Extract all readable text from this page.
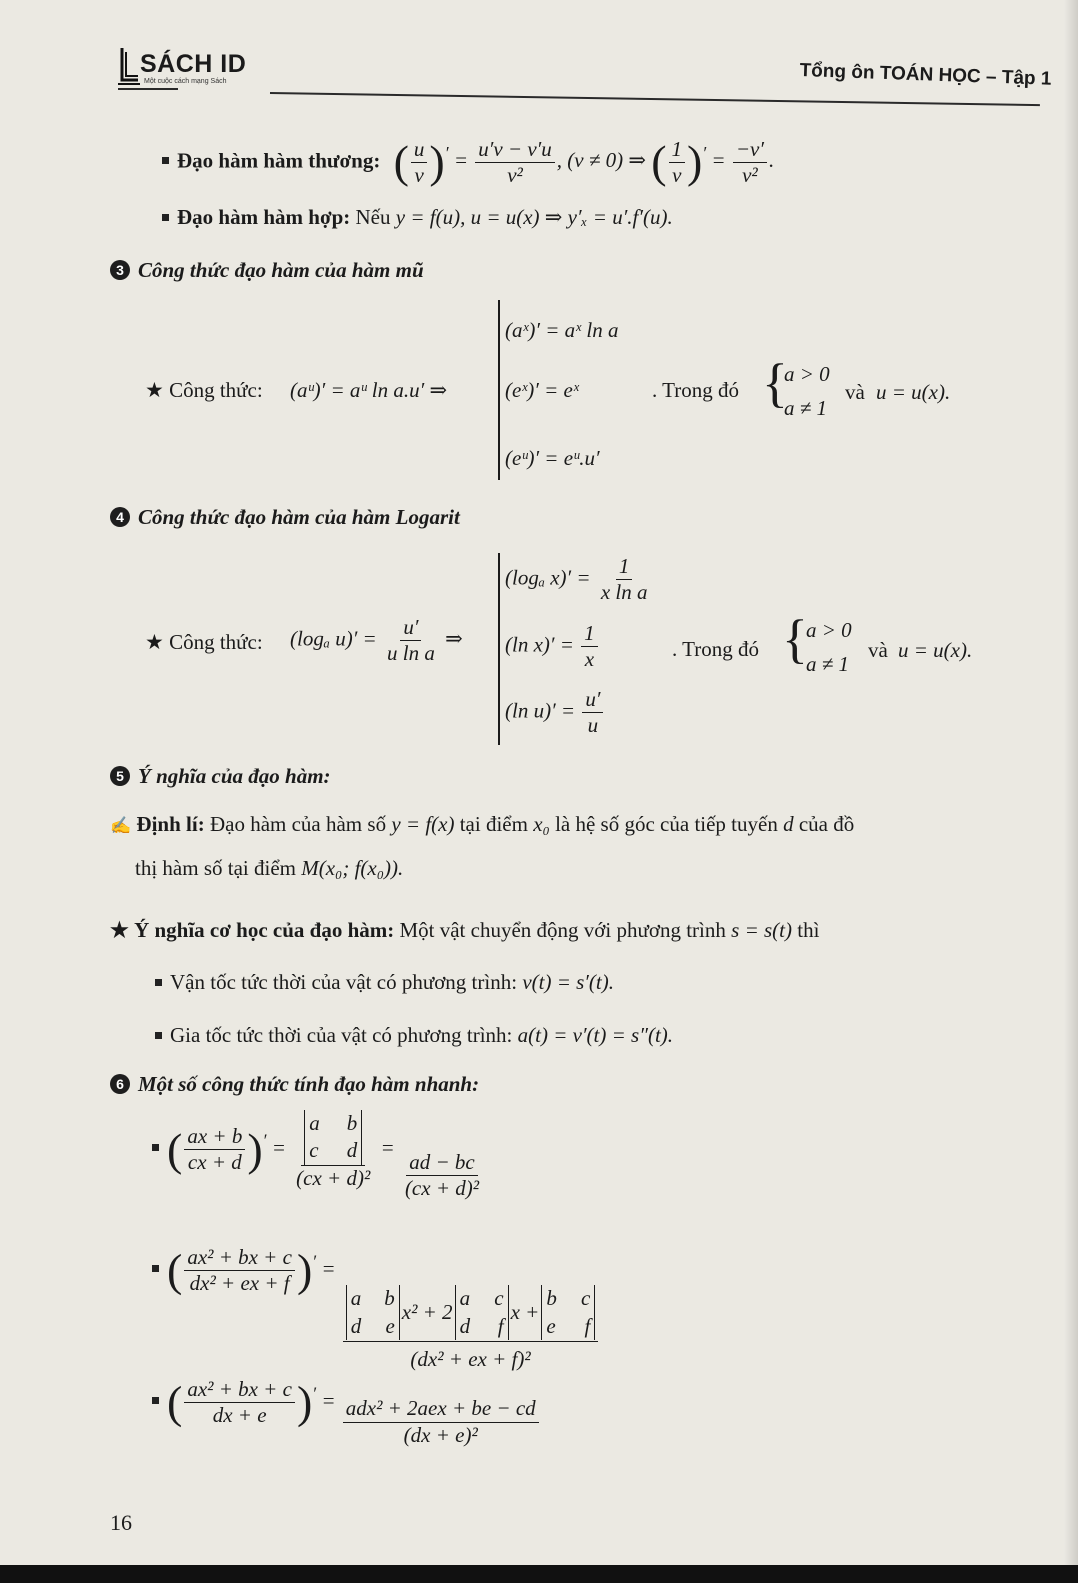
SÁCH ID
Một cuộc cách mạng Sách	Tổng ôn TOÁN HỌC – Tập 1
Đạo hàm hàm thương: ( $\frac{u}{v} )' = \frac{u'v - v'u}{\text{v²}}$ , (v ≠ 0) ⇒ ( $\frac{1}{v} )' = \frac{-v'}{\text{v²}}$ .
Đạo hàm hàm hợp: Nếu y = f(u), u = u(x) ⇒ y′ₓ = u′.f′(u).
3 Công thức đạo hàm của hàm mũ
★ Công thức: (aᵘ)′ = aᵘ ln a.u′ ⇒
(aˣ)′ = aˣ ln a
(eˣ)′ = eˣ
(eᵘ)′ = eᵘ.u′
. Trong đó {
a > 0
a ≠ 1
và u = u(x).
4 Công thức đạo hàm của hàm Logarit
★ Công thức: (logₐ $u)' = \frac{u'}{\text{u ln a}}$ ⇒
(logₐ $x)' = \frac{1}{\text{x ln a}}$
(ln $x)' = \frac{1}{x}$
(ln $u)' = \frac{u'}{u}$
. Trong đó {
a > 0
a ≠ 1
và u = u(x).
5 Ý nghĩa của đạo hàm:
✍ Định lí: Đạo hàm của hàm số y = f(x) tại điểm x₀ là hệ số góc của tiếp tuyến d của đồ
thị hàm số tại điểm M(x₀; f(x₀)).
★ Ý nghĩa cơ học của đạo hàm: Một vật chuyển động với phương trình s = s(t) thì
Vận tốc tức thời của vật có phương trình: v(t) = s′(t).
Gia tốc tức thời của vật có phương trình: a(t) = v′(t) = s″(t).
6 Một số công thức tính đạo hàm nhanh:
( $\frac{ax + b}{cx + d} )' = a$	b
c	d
(cx + d)² =
$\frac{ad - bc}{\text{(cx + d)²}}$
( $\frac{\text{ax² + bx + c}}{\text{dx² + ex + f}} )'$ =
a	b
d	e
x² + 2
a	c
d	f
x +
b	c
e	f
(dx² + ex + f)²
( $\frac{\text{ax² + bx + c}}{dx + e} )' = \frac{\text{adx² + 2aex + be − cd}}{\text{(dx + e)²}}$
16
